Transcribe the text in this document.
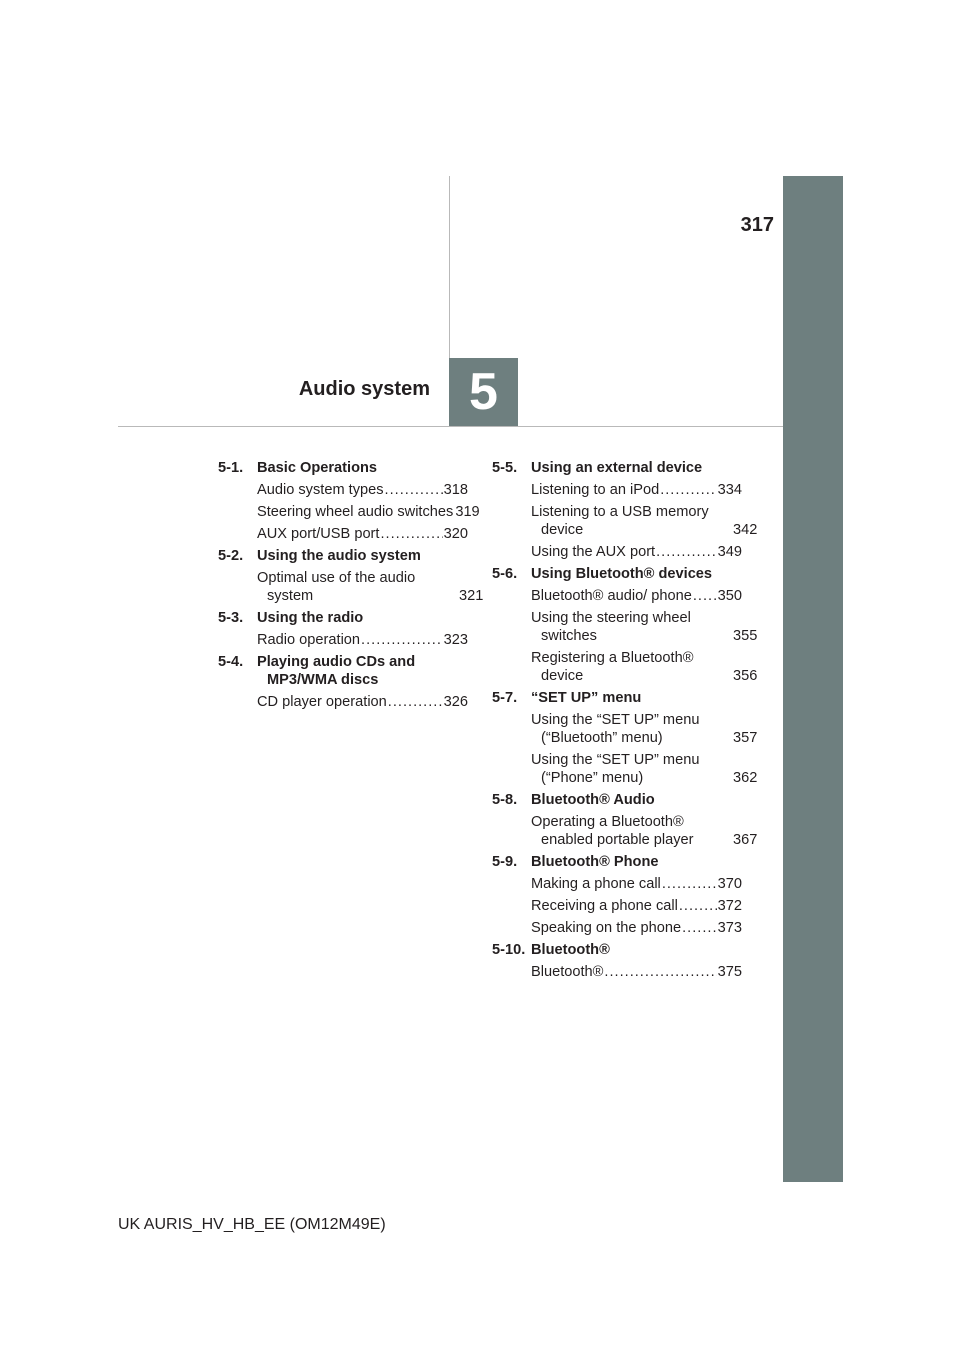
317
Audio system 5
5-1. Basic Operations
Audio system types .....	318
Steering wheel audio switches 319
AUX port/USB port .....	320
5-2. Using the audio system
Optimal use of the audio system	321
5-3. Using the radio
Radio operation .....	323
5-4. Playing audio CDs and MP3/WMA discs
CD player operation .....	326
5-5. Using an external device
Listening to an iPod .....	334
Listening to a USB memory device	342
Using the AUX port .....	349
5-6. Using Bluetooth® devices
Bluetooth® audio/ phone ..... 350
Using the steering wheel switches	355
Registering a Bluetooth® device	356
5-7. “SET UP” menu
Using the “SET UP” menu (“Bluetooth” menu)	357
Using the “SET UP” menu (“Phone” menu)	362
5-8. Bluetooth® Audio
Operating a Bluetooth® enabled portable player	367
5-9. Bluetooth® Phone
Making a phone call .....	370
Receiving a phone call .....	372
Speaking on the phone .....	373
5-10. Bluetooth®
Bluetooth® .....	375
UK AURIS_HV_HB_EE (OM12M49E)
